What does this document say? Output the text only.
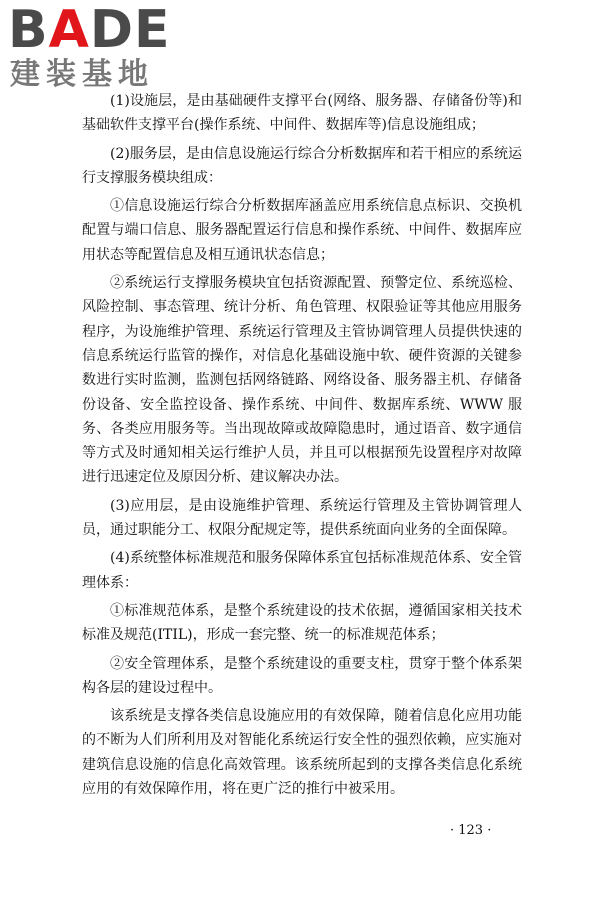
BADE
建装基地

(1)设施层，是由基础硬件支撑平台(网络、服务器、存储备份等)和基础软件支撑平台(操作系统、中间件、数据库等)信息设施组成；

(2)服务层，是由信息设施运行综合分析数据库和若干相应的系统运行支撑服务模块组成：

①信息设施运行综合分析数据库涵盖应用系统信息点标识、交换机配置与端口信息、服务器配置运行信息和操作系统、中间件、数据库应用状态等配置信息及相互通讯状态信息；

②系统运行支撑服务模块宜包括资源配置、预警定位、系统巡检、风险控制、事态管理、统计分析、角色管理、权限验证等其他应用服务程序，为设施维护管理、系统运行管理及主管协调管理人员提供快速的信息系统运行监管的操作，对信息化基础设施中软、硬件资源的关键参数进行实时监测，监测包括网络链路、网络设备、服务器主机、存储备份设备、安全监控设备、操作系统、中间件、数据库系统、WWW 服务、各类应用服务等。当出现故障或故障隐患时，通过语音、数字通信等方式及时通知相关运行维护人员，并且可以根据预先设置程序对故障进行迅速定位及原因分析、建议解决办法。

(3)应用层，是由设施维护管理、系统运行管理及主管协调管理人员，通过职能分工、权限分配规定等，提供系统面向业务的全面保障。

(4)系统整体标准规范和服务保障体系宜包括标准规范体系、安全管理体系：

①标准规范体系，是整个系统建设的技术依据，遵循国家相关技术标准及规范(ITIL)，形成一套完整、统一的标准规范体系；

②安全管理体系，是整个系统建设的重要支柱，贯穿于整个体系架构各层的建设过程中。

该系统是支撑各类信息设施应用的有效保障，随着信息化应用功能的不断为人们所利用及对智能化系统运行安全性的强烈依赖，应实施对建筑信息设施的信息化高效管理。该系统所起到的支撑各类信息化系统应用的有效保障作用，将在更广泛的推行中被采用。

· 123 ·
